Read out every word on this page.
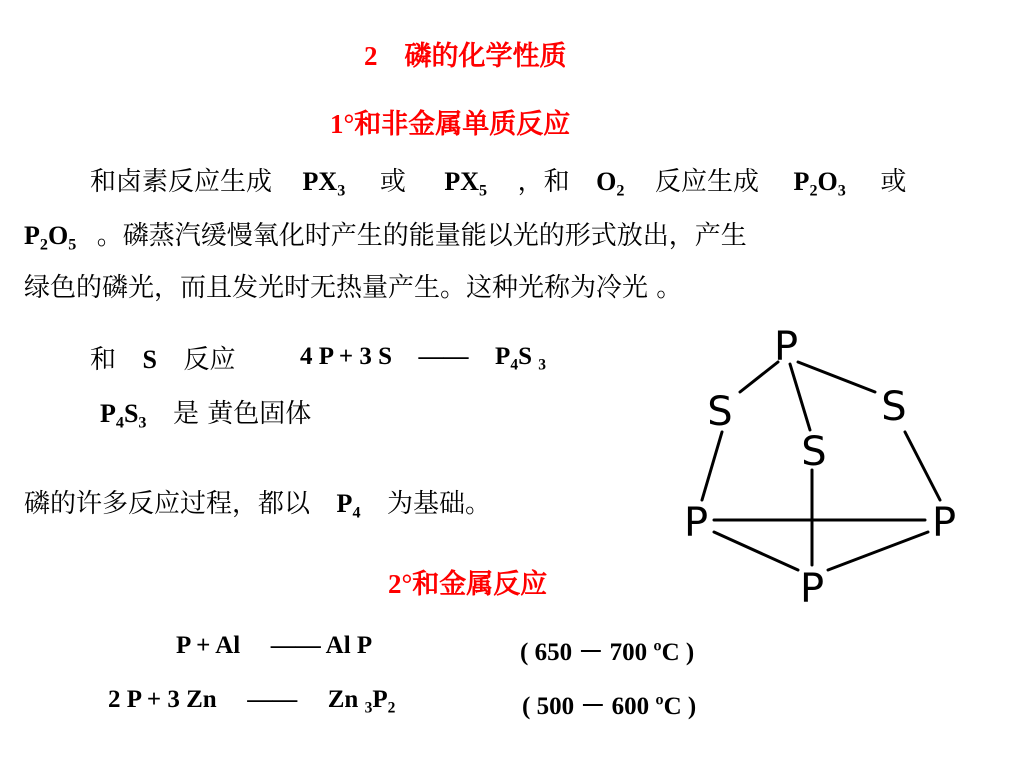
2　磷的化学性质
1°和非金属单质反应
和卤素反应生成 $PX_3$ 或 $PX_5$ ，和 $O_2$ 反应生成 $P_2O_3$ 或
$P_2O_5$ 。磷蒸汽缓慢氧化时产生的能量能以光的形式放出，产生
绿色的磷光，而且发光时无热量产生。这种光称为冷光 。
和 S 反应	4 P + 3 S —— $P_4S$ $_3$
$P_4S_3$ 是 黄色固体
磷的许多反应过程，都以 $P_4$ 为基础。
2°和金属反应
P + Al —— Al P	( 650 － 700 ºC )
2 P + 3 Zn —— Zn $_3P_2$	( 500 － 600 ºC )
P
S	S
S
P	P
P
